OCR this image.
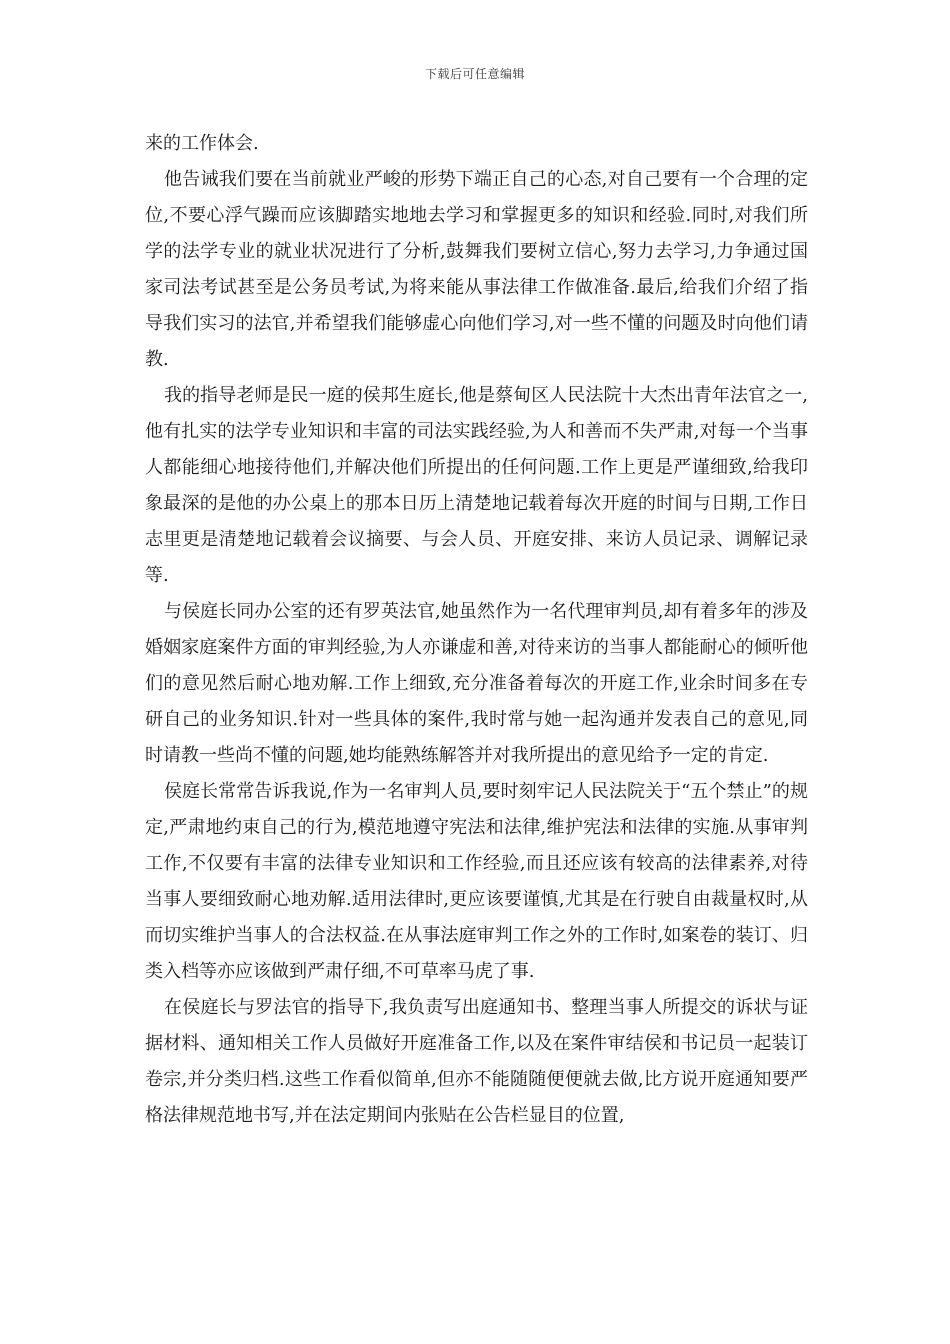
下载后可任意编辑

来的工作体会.

他告诫我们要在当前就业严峻的形势下端正自己的心态,对自己要有一个合理的定位,不要心浮气躁而应该脚踏实地地去学习和掌握更多的知识和经验.同时,对我们所学的法学专业的就业状况进行了分析,鼓舞我们要树立信心,努力去学习,力争通过国家司法考试甚至是公务员考试,为将来能从事法律工作做准备.最后,给我们介绍了指导我们实习的法官,并希望我们能够虚心向他们学习,对一些不懂的问题及时向他们请教.

我的指导老师是民一庭的侯邦生庭长,他是蔡甸区人民法院十大杰出青年法官之一,他有扎实的法学专业知识和丰富的司法实践经验,为人和善而不失严肃,对每一个当事人都能细心地接待他们,并解决他们所提出的任何问题.工作上更是严谨细致,给我印象最深的是他的办公桌上的那本日历上清楚地记载着每次开庭的时间与日期,工作日志里更是清楚地记载着会议摘要、与会人员、开庭安排、来访人员记录、调解记录等.

与侯庭长同办公室的还有罗英法官,她虽然作为一名代理审判员,却有着多年的涉及婚姻家庭案件方面的审判经验,为人亦谦虚和善,对待来访的当事人都能耐心的倾听他们的意见然后耐心地劝解.工作上细致,充分准备着每次的开庭工作,业余时间多在专研自己的业务知识.针对一些具体的案件,我时常与她一起沟通并发表自己的意见,同时请教一些尚不懂的问题,她均能熟练解答并对我所提出的意见给予一定的肯定.

侯庭长常常告诉我说,作为一名审判人员,要时刻牢记人民法院关于“五个禁止”的规定,严肃地约束自己的行为,模范地遵守宪法和法律,维护宪法和法律的实施.从事审判工作,不仅要有丰富的法律专业知识和工作经验,而且还应该有较高的法律素养,对待当事人要细致耐心地劝解.适用法律时,更应该要谨慎,尤其是在行驶自由裁量权时,从而切实维护当事人的合法权益.在从事法庭审判工作之外的工作时,如案卷的装订、归类入档等亦应该做到严肃仔细,不可草率马虎了事.

在侯庭长与罗法官的指导下,我负责写出庭通知书、整理当事人所提交的诉状与证据材料、通知相关工作人员做好开庭准备工作,以及在案件审结侯和书记员一起装订卷宗,并分类归档.这些工作看似简单,但亦不能随随便便就去做,比方说开庭通知要严格法律规范地书写,并在法定期间内张贴在公告栏显目的位置,
